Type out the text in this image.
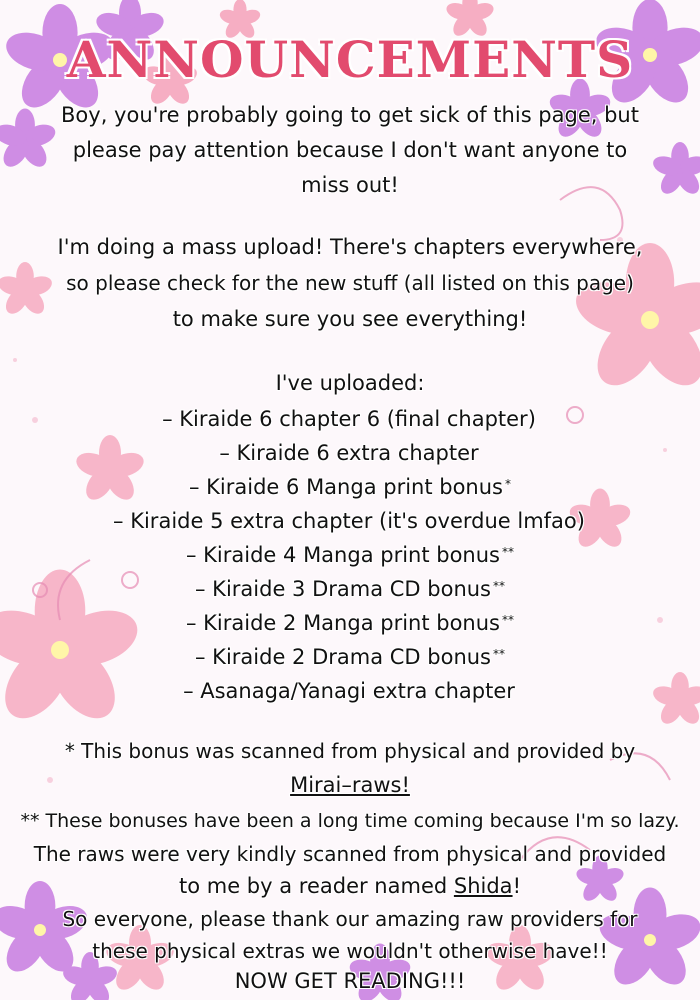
ANNOUNCEMENTS
Boy, you're probably going to get sick of this page, but
please pay attention because I don't want anyone to
miss out!
I'm doing a mass upload! There's chapters everywhere,
so please check for the new stuff (all listed on this page)
to make sure you see everything!
I've uploaded:
– Kiraide 6 chapter 6 (final chapter)
– Kiraide 6 extra chapter
– Kiraide 6 Manga print bonus *
– Kiraide 5 extra chapter (it's overdue lmfao)
– Kiraide 4 Manga print bonus **
– Kiraide 3 Drama CD bonus **
– Kiraide 2 Manga print bonus **
– Kiraide 2 Drama CD bonus **
– Asanaga/Yanagi extra chapter
* This bonus was scanned from physical and provided by
Mirai–raws!
** These bonuses have been a long time coming because I'm so lazy.
The raws were very kindly scanned from physical and provided
to me by a reader named Shida!
So everyone, please thank our amazing raw providers for
these physical extras we wouldn't otherwise have!!
NOW GET READING!!!
